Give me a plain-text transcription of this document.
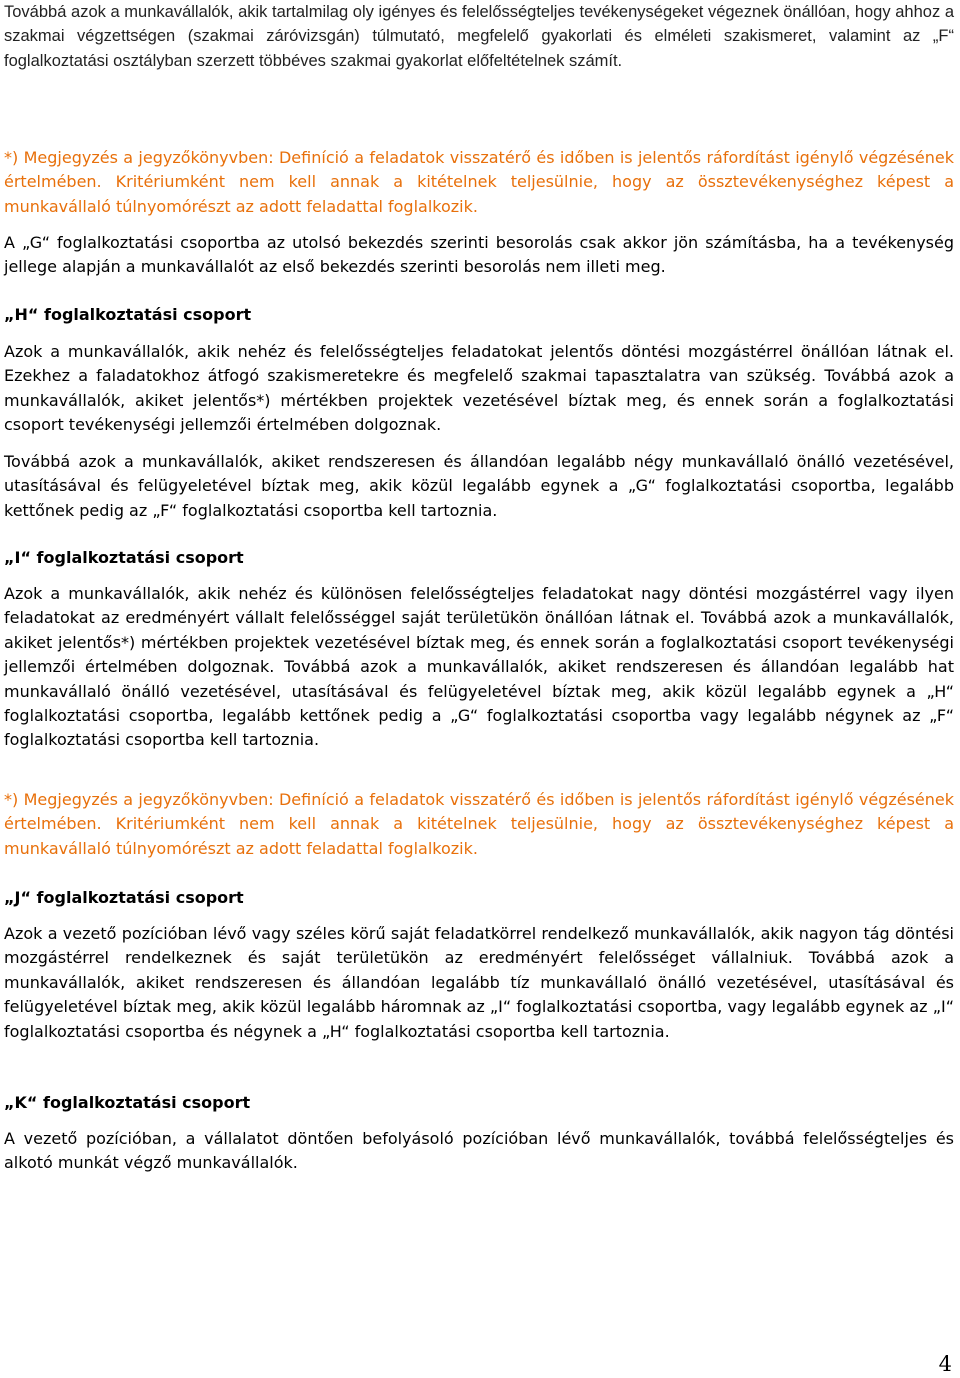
Továbbá azok a munkavállalók, akik tartalmilag oly igényes és felelősségteljes tevékenységeket végeznek önállóan, hogy ahhoz a szakmai végzettségen (szakmai záróvizsgán) túlmutató, megfelelő gyakorlati és elméleti szakismeret, valamint az „F“ foglalkoztatási osztályban szerzett többéves szakmai gyakorlat előfeltételnek számít.

*) Megjegyzés a jegyzőkönyvben: Definíció a feladatok visszatérő és időben is jelentős ráfordítást igénylő végzésének értelmében. Kritériumként nem kell annak a kitételnek teljesülnie, hogy az össztevékenységhez képest a munkavállaló túlnyomórészt az adott feladattal foglalkozik.

A „G“ foglalkoztatási csoportba az utolsó bekezdés szerinti besorolás csak akkor jön számításba, ha a tevékenység jellege alapján a munkavállalót az első bekezdés szerinti besorolás nem illeti meg.

„H“ foglalkoztatási csoport

Azok a munkavállalók, akik nehéz és felelősségteljes feladatokat jelentős döntési mozgástérrel önállóan látnak el. Ezekhez a faladatokhoz átfogó szakismeretekre és megfelelő szakmai tapasztalatra van szükség. Továbbá azok a munkavállalók, akiket jelentős*) mértékben projektek vezetésével bíztak meg, és ennek során a foglalkoztatási csoport tevékenységi jellemzői értelmében dolgoznak.

Továbbá azok a munkavállalók, akiket rendszeresen és állandóan legalább négy munkavállaló önálló vezetésével, utasításával és felügyeletével bíztak meg, akik közül legalább egynek a „G“ foglalkoztatási csoportba, legalább kettőnek pedig az „F“ foglalkoztatási csoportba kell tartoznia.

„I“ foglalkoztatási csoport

Azok a munkavállalók, akik nehéz és különösen felelősségteljes feladatokat nagy döntési mozgástérrel vagy ilyen feladatokat az eredményért vállalt felelősséggel saját területükön önállóan látnak el. Továbbá azok a munkavállalók, akiket jelentős*) mértékben projektek vezetésével bíztak meg, és ennek során a foglalkoztatási csoport tevékenységi jellemzői értelmében dolgoznak. Továbbá azok a munkavállalók, akiket rendszeresen és állandóan legalább hat munkavállaló önálló vezetésével, utasításával és felügyeletével bíztak meg, akik közül legalább egynek a „H“ foglalkoztatási csoportba, legalább kettőnek pedig a „G“ foglalkoztatási csoportba vagy legalább négynek az „F“ foglalkoztatási csoportba kell tartoznia.

*) Megjegyzés a jegyzőkönyvben: Definíció a feladatok visszatérő és időben is jelentős ráfordítást igénylő végzésének értelmében. Kritériumként nem kell annak a kitételnek teljesülnie, hogy az össztevékenységhez képest a munkavállaló túlnyomórészt az adott feladattal foglalkozik.

„J“ foglalkoztatási csoport

Azok a vezető pozícióban lévő vagy széles körű saját feladatkörrel rendelkező munkavállalók, akik nagyon tág döntési mozgástérrel rendelkeznek és saját területükön az eredményért felelősséget vállalniuk. Továbbá azok a munkavállalók, akiket rendszeresen és állandóan legalább tíz munkavállaló önálló vezetésével, utasításával és felügyeletével bíztak meg, akik közül legalább háromnak az „I“ foglalkoztatási csoportba, vagy legalább egynek az „I“ foglalkoztatási csoportba és négynek a „H“ foglalkoztatási csoportba kell tartoznia.

„K“ foglalkoztatási csoport

A vezető pozícióban, a vállalatot döntően befolyásoló pozícióban lévő munkavállalók, továbbá felelősségteljes és alkotó munkát végző munkavállalók.

4
